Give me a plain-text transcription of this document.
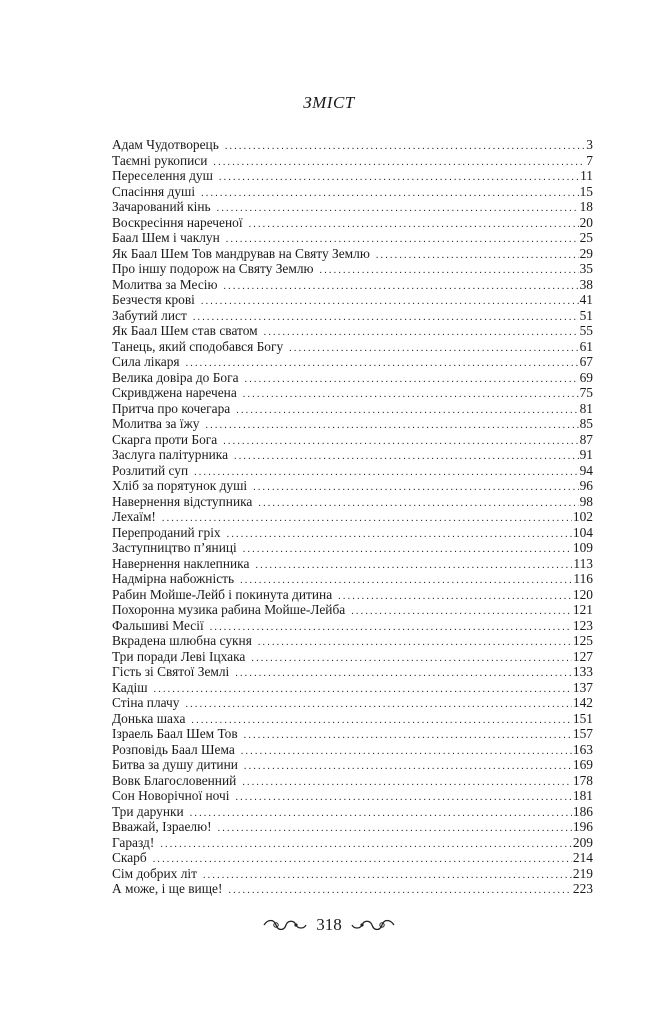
ЗМІСТ
Адам Чудотворець .....	3
Таємні рукописи .....	7
Переселення душ .....	11
Спасіння душі .....	15
Зачарований кінь .....	18
Воскресіння нареченої .....	20
Баал Шем і чаклун .....	25
Як Баал Шем Тов мандрував на Святу Землю .....	29
Про іншу подорож на Святу Землю .....	35
Молитва за Месію .....	38
Безчестя крові .....	41
Забутий лист .....	51
Як Баал Шем став сватом .....	55
Танець, який сподобався Богу .....	61
Сила лікаря .....	67
Велика довіра до Бога .....	69
Скривджена наречена .....	75
Притча про кочегара .....	81
Молитва за їжу .....	85
Скарга проти Бога .....	87
Заслуга палітурника .....	91
Розлитий суп .....	94
Хліб за порятунок душі .....	96
Навернення відступника .....	98
Лехаїм! .....	102
Перепроданий гріх .....	104
Заступництво п’яниці .....	109
Навернення наклепника .....	113
Надмірна набожність .....	116
Рабин Мойше-Лейб і покинута дитина .....	120
Похоронна музика рабина Мойше-Лейба .....	121
Фальшиві Месії .....	123
Вкрадена шлюбна сукня .....	125
Три поради Леві Іцхака .....	127
Гість зі Святої Землі .....	133
Кадіш .....	137
Стіна плачу .....	142
Донька шаха .....	151
Ізраель Баал Шем Тов .....	157
Розповідь Баал Шема .....	163
Битва за душу дитини .....	169
Вовк Благословенний .....	178
Сон Новорічної ночі .....	181
Три дарунки .....	186
Вважай, Ізраелю! .....	196
Гаразд! .....	209
Скарб .....	214
Сім добрих літ .....	219
А може, і ще вище! .....	223
318
